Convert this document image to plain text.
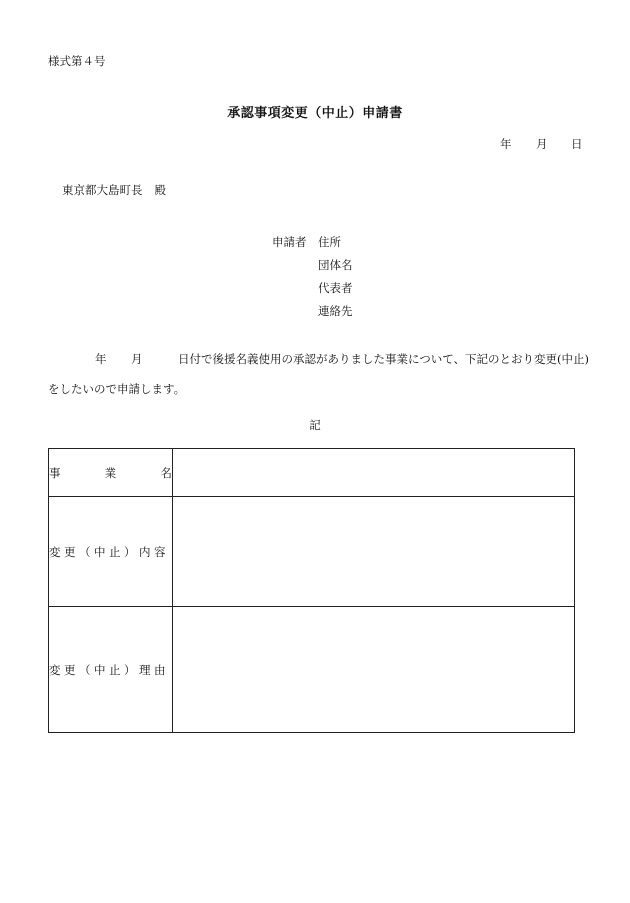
様式第４号
承認事項変更（中止）申請書
年 月 日
東京都大島町長 殿
申請者 住所
団体名
代表者
連絡先
年 月	日付で後援名義使用の承認がありました事業について、下記のとおり変更(中止)
をしたいので申請します。
記
事 業 名	

変更（中止）内容	
変更（中止）理由	
